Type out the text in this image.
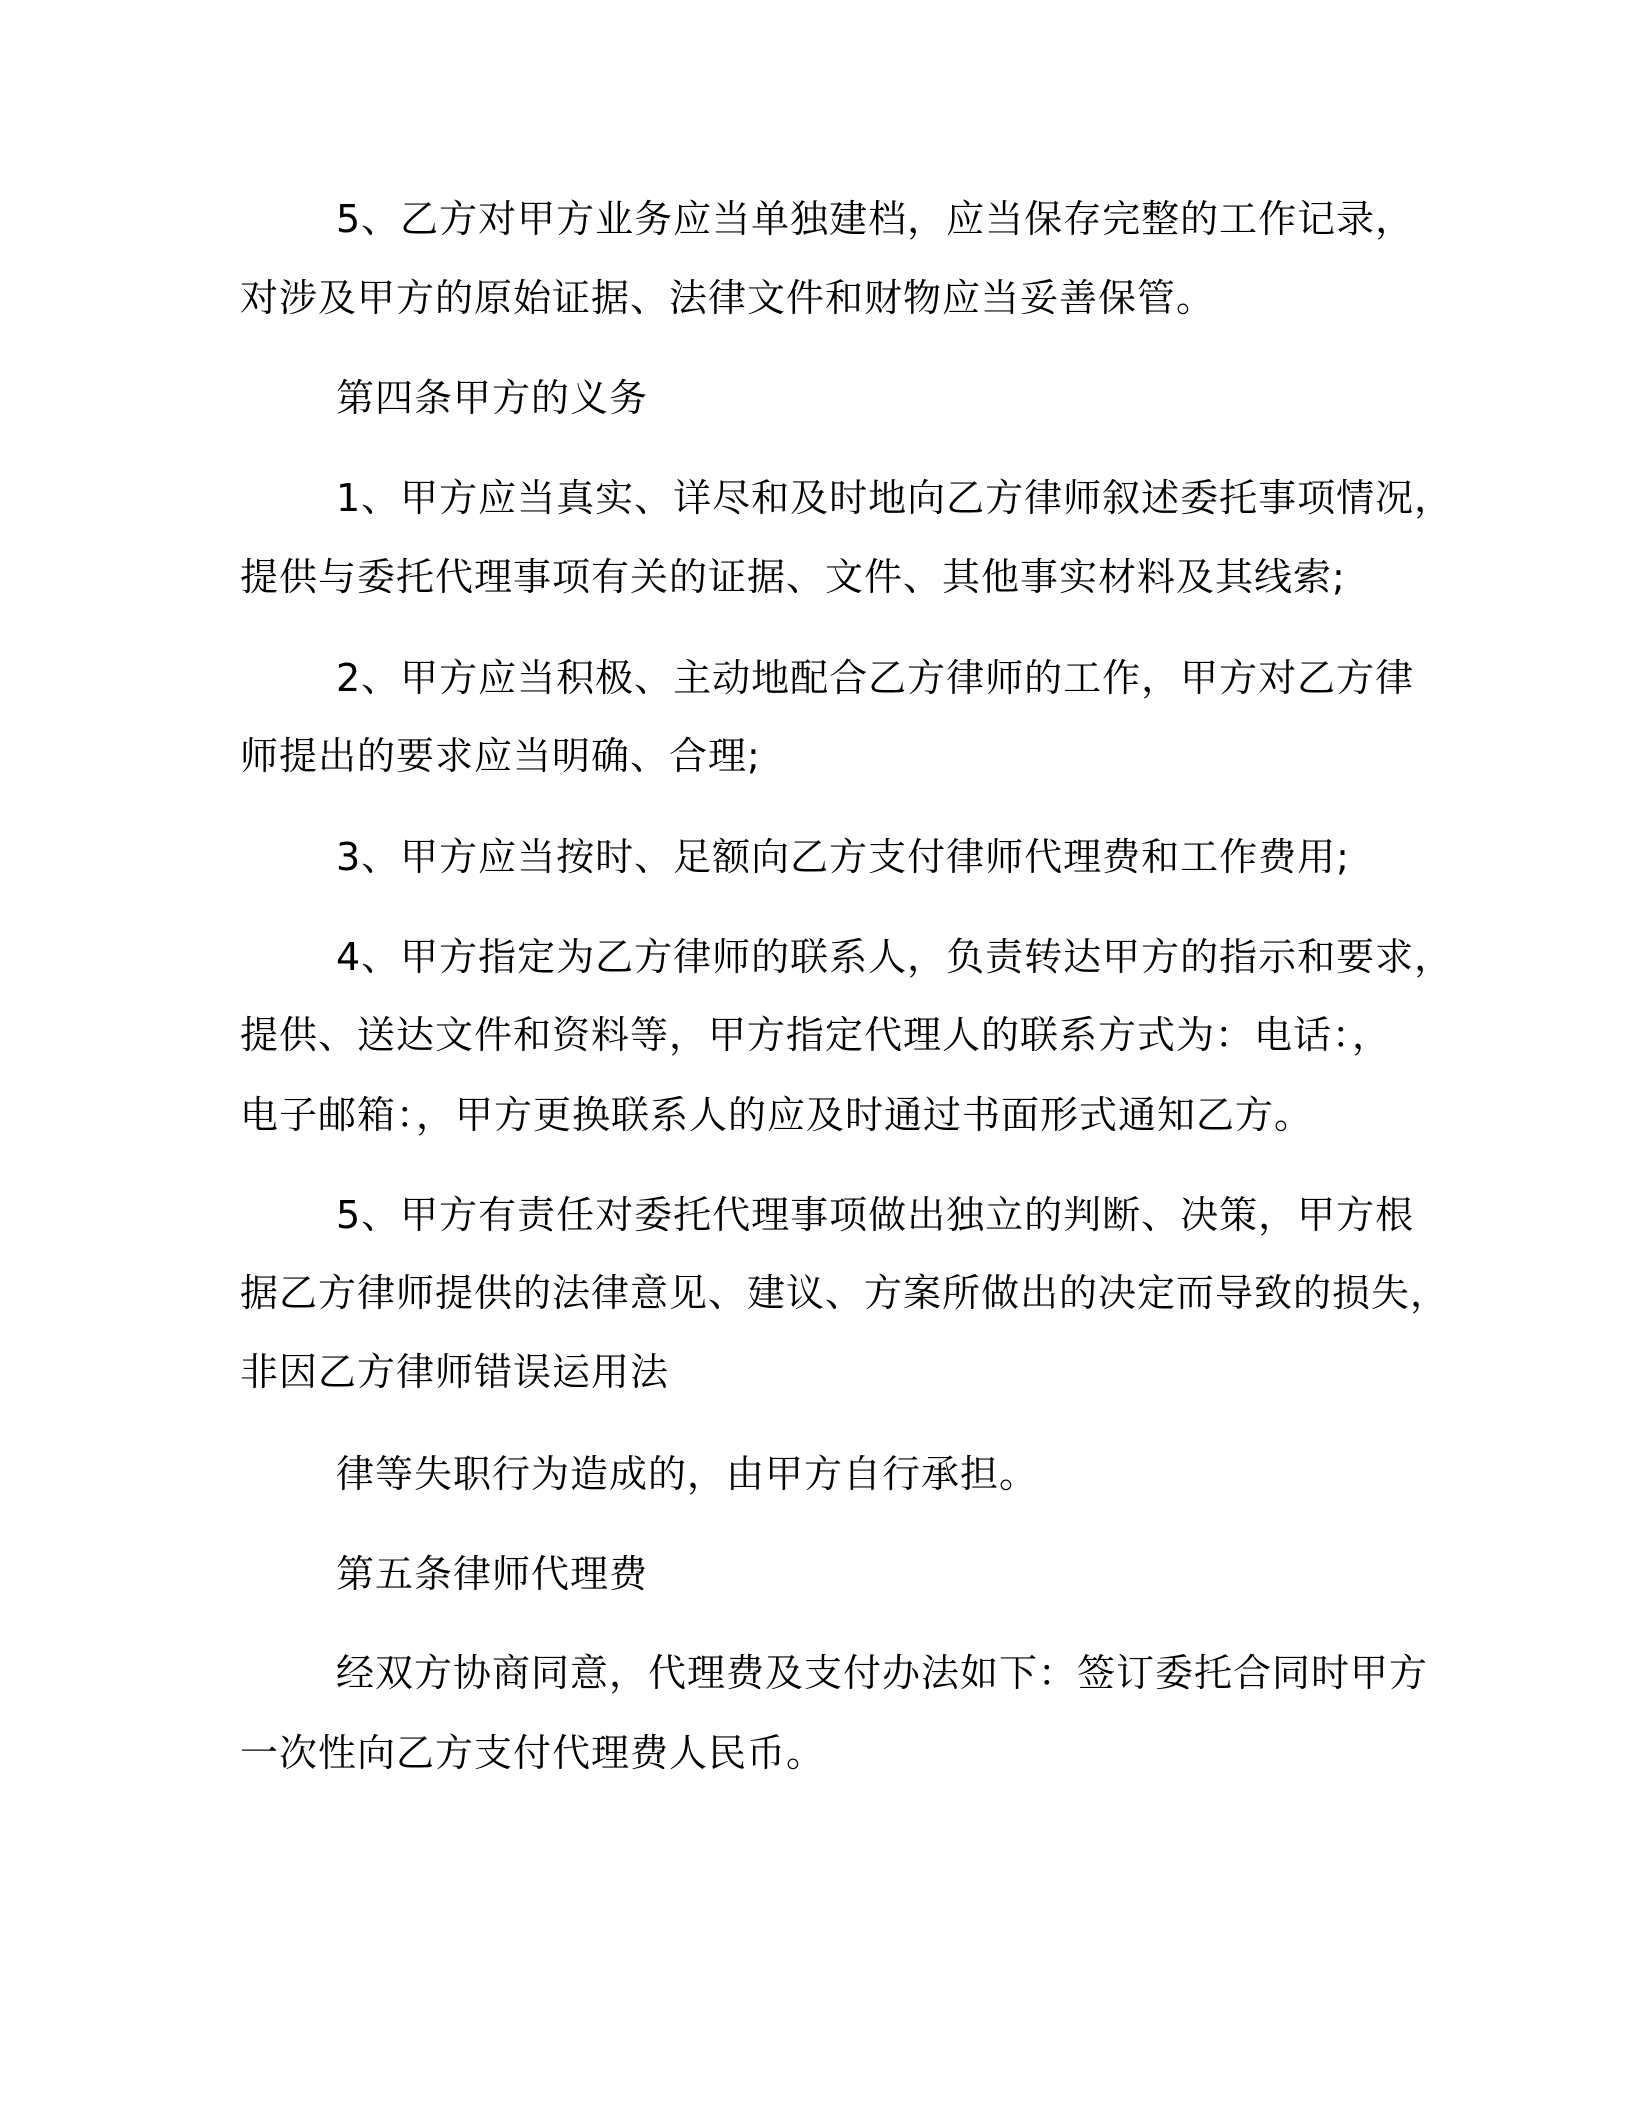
5、乙方对甲方业务应当单独建档，应当保存完整的工作记录，
对涉及甲方的原始证据、法律文件和财物应当妥善保管。
第四条甲方的义务
1、甲方应当真实、详尽和及时地向乙方律师叙述委托事项情况，
提供与委托代理事项有关的证据、文件、其他事实材料及其线索;
2、甲方应当积极、主动地配合乙方律师的工作，甲方对乙方律
师提出的要求应当明确、合理;
3、甲方应当按时、足额向乙方支付律师代理费和工作费用;
4、甲方指定为乙方律师的联系人，负责转达甲方的指示和要求，
提供、送达文件和资料等，甲方指定代理人的联系方式为：电话：，
电子邮箱：，甲方更换联系人的应及时通过书面形式通知乙方。
5、甲方有责任对委托代理事项做出独立的判断、决策，甲方根
据乙方律师提供的法律意见、建议、方案所做出的决定而导致的损失，
非因乙方律师错误运用法
律等失职行为造成的，由甲方自行承担。
第五条律师代理费
经双方协商同意，代理费及支付办法如下：签订委托合同时甲方
一次性向乙方支付代理费人民币。
